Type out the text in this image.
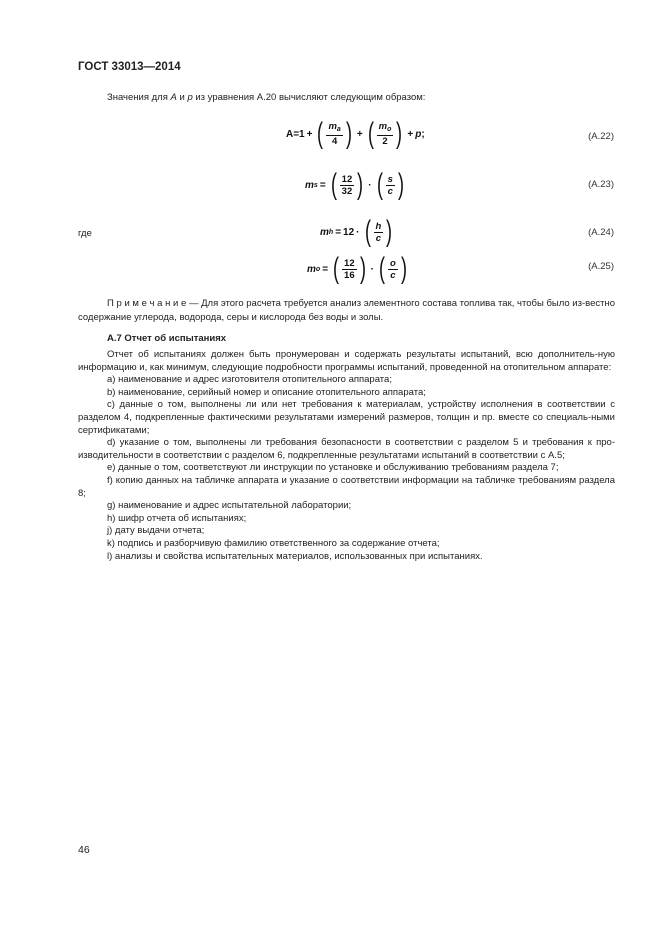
ГОСТ 33013—2014
Значения для A и p из уравнения А.20 вычисляют следующим образом:
A=1 + ( $\frac{m_a}{4}$ ) + ( $\frac{m_o}{2}$ ) + p ;	(А.22)
m s = ( $\frac{12}{32}$ ) · ( $\frac{s}{c}$ )	(А.23)
где	m h = 12 · ( $\frac{h}{c}$ )	(А.24)
m o = ( $\frac{12}{16}$ ) · ( $\frac{o}{c}$ )	(А.25)
П р и м е ч а н и е — Для этого расчета требуется анализ элементного состава топлива так, чтобы было из-вестно содержание углерода, водорода, серы и кислорода без воды и золы.
А.7 Отчет об испытаниях

Отчет об испытаниях должен быть пронумерован и содержать результаты испытаний, всю дополнитель-ную информацию и, как минимум, следующие подробности программы испытаний, проведенной на отопительном аппарате:

а) наименование и адрес изготовителя отопительного аппарата;

b) наименование, серийный номер и описание отопительного аппарата;

c) данные о том, выполнены ли или нет требования к материалам, устройству исполнения в соответствии с разделом 4, подкрепленные фактическими результатами измерений размеров, толщин и пр. вместе со специаль-ными сертификатами;

d) указание о том, выполнены ли требования безопасности в соответствии с разделом 5 и требования к про-изводительности в соответствии с разделом 6, подкрепленные результатами испытаний в соответствии с А.5;

е) данные о том, соответствуют ли инструкции по установке и обслуживанию требованиям раздела 7;

f) копию данных на табличке аппарата и указание о соответствии информации на табличке требованиям раздела 8;

g) наименование и адрес испытательной лаборатории;

h) шифр отчета об испытаниях;

j) дату выдачи отчета;

k) подпись и разборчивую фамилию ответственного за содержание отчета;

l) анализы и свойства испытательных материалов, использованных при испытаниях.

46
